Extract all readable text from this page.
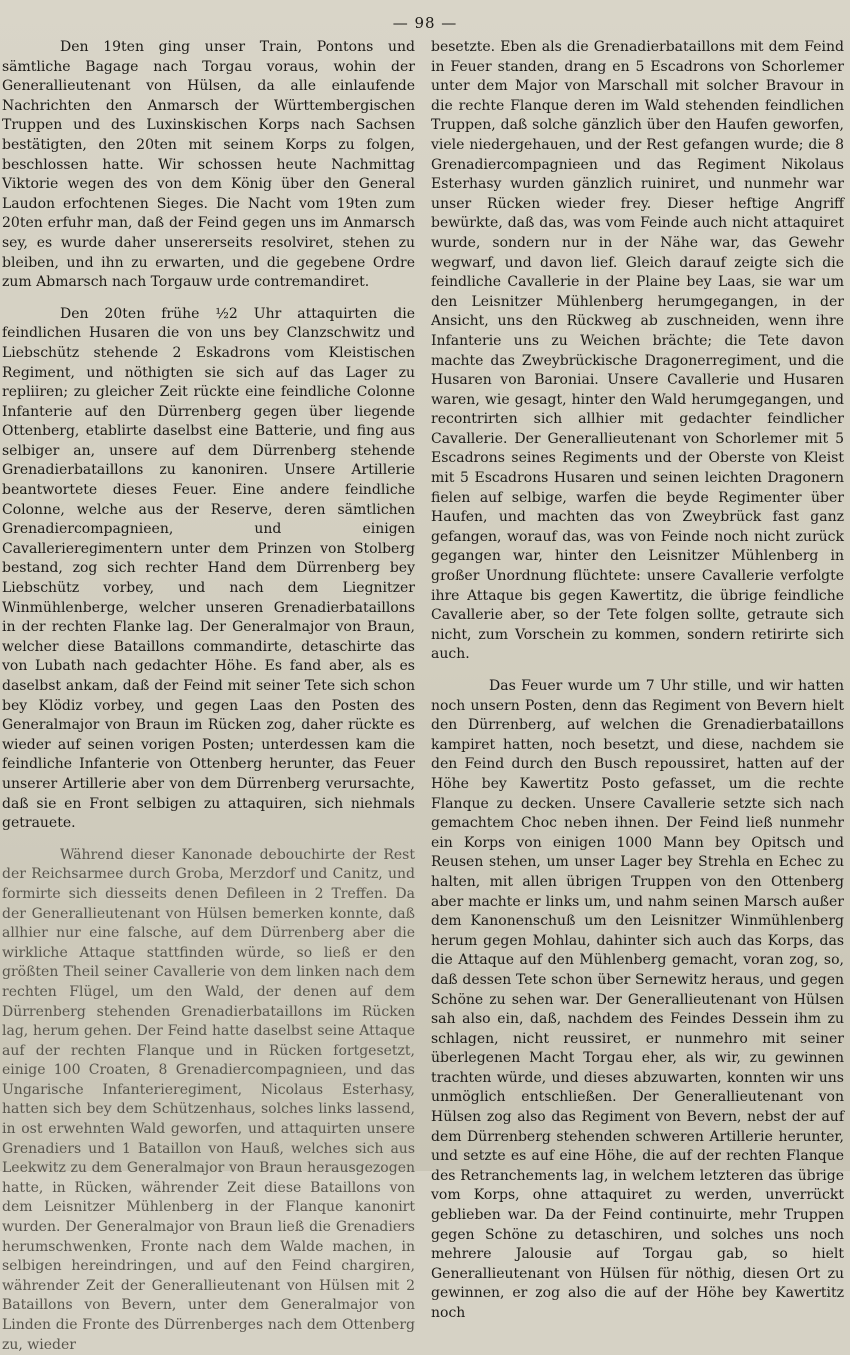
— 98 —

Den 19ten ging unser Train, Pontons und sämtliche Bagage nach Torgau voraus, wohin der Generallieutenant von Hülsen, da alle einlaufende Nachrichten den Anmarsch der Württembergischen Truppen und des Luxinskischen Korps nach Sachsen bestätigten, den 20ten mit seinem Korps zu folgen, beschlossen hatte. Wir schossen heute Nachmittag Viktorie wegen des von dem König über den General Laudon erfochtenen Sieges. Die Nacht vom 19ten zum 20ten erfuhr man, daß der Feind gegen uns im Anmarsch sey, es wurde daher unsererseits resolviret, stehen zu bleiben, und ihn zu erwarten, und die gegebene Ordre zum Abmarsch nach Torgauw urde contremandiret.

Den 20ten frühe ½2 Uhr attaquirten die feindlichen Husaren die von uns bey Clanzschwitz und Liebschütz stehende 2 Eskadrons vom Kleistischen Regiment, und nöthigten sie sich auf das Lager zu repliiren; zu gleicher Zeit rückte eine feindliche Colonne Infanterie auf den Dürrenberg gegen über liegende Ottenberg, etablirte daselbst eine Batterie, und fing aus selbiger an, unsere auf dem Dürrenberg stehende Grenadierbataillons zu kanoniren. Unsere Artillerie beantwortete dieses Feuer. Eine andere feindliche Colonne, welche aus der Reserve, deren sämtlichen Grenadiercompagnieen, und einigen Cavallerieregimentern unter dem Prinzen von Stolberg bestand, zog sich rechter Hand dem Dürrenberg bey Liebschütz vorbey, und nach dem Liegnitzer Winmühlenberge, welcher unseren Grenadierbataillons in der rechten Flanke lag. Der Generalmajor von Braun, welcher diese Bataillons commandirte, detaschirte das von Lubath nach gedachter Höhe. Es fand aber, als es daselbst ankam, daß der Feind mit seiner Tete sich schon bey Klödiz vorbey, und gegen Laas den Posten des Generalmajor von Braun im Rücken zog, daher rückte es wieder auf seinen vorigen Posten; unterdessen kam die feindliche Infanterie von Ottenberg herunter, das Feuer unserer Artillerie aber von dem Dürrenberg verursachte, daß sie en Front selbigen zu attaquiren, sich niehmals getrauete.

Während dieser Kanonade debouchirte der Rest der Reichsarmee durch Groba, Merzdorf und Canitz, und formirte sich diesseits denen Defileen in 2 Treffen. Da der Generallieutenant von Hülsen bemerken konnte, daß allhier nur eine falsche, auf dem Dürrenberg aber die wirkliche Attaque stattfinden würde, so ließ er den größten Theil seiner Cavallerie von dem linken nach dem rechten Flügel, um den Wald, der denen auf dem Dürrenberg stehenden Grenadierbataillons im Rücken lag, herum gehen. Der Feind hatte daselbst seine Attaque auf der rechten Flanque und in Rücken fortgesetzt, einige 100 Croaten, 8 Grenadiercompagnieen, und das Ungarische Infanterieregiment, Nicolaus Esterhasy, hatten sich bey dem Schützenhaus, solches links lassend, in ost erwehnten Wald geworfen, und attaquirten unsere Grenadiers und 1 Bataillon von Hauß, welches sich aus Leekwitz zu dem Generalmajor von Braun herausgezogen hatte, in Rücken, währender Zeit diese Bataillons von dem Leisnitzer Mühlenberg in der Flanque kanonirt wurden. Der Generalmajor von Braun ließ die Grenadiers herumschwenken, Fronte nach dem Walde machen, in selbigen hereindringen, und auf den Feind chargiren, währender Zeit der Generallieutenant von Hülsen mit 2 Bataillons von Bevern, unter dem Generalmajor von Linden die Fronte des Dürrenberges nach dem Ottenberg zu, wieder

besetzte. Eben als die Grenadierbataillons mit dem Feind in Feuer standen, drang en 5 Escadrons von Schorlemer unter dem Major von Marschall mit solcher Bravour in die rechte Flanque deren im Wald stehenden feindlichen Truppen, daß solche gänzlich über den Haufen geworfen, viele niedergehauen, und der Rest gefangen wurde; die 8 Grenadiercompagnieen und das Regiment Nikolaus Esterhasy wurden gänzlich ruiniret, und nunmehr war unser Rücken wieder frey. Dieser heftige Angriff bewürkte, daß das, was vom Feinde auch nicht attaquiret wurde, sondern nur in der Nähe war, das Gewehr wegwarf, und davon lief. Gleich darauf zeigte sich die feindliche Cavallerie in der Plaine bey Laas, sie war um den Leisnitzer Mühlenberg herumgegangen, in der Ansicht, uns den Rückweg ab zuschneiden, wenn ihre Infanterie uns zu Weichen brächte; die Tete davon machte das Zweybrückische Dragonerregiment, und die Husaren von Baroniai. Unsere Cavallerie und Husaren waren, wie gesagt, hinter den Wald herumgegangen, und recontrirten sich allhier mit gedachter feindlicher Cavallerie. Der Generallieutenant von Schorlemer mit 5 Escadrons seines Regiments und der Oberste von Kleist mit 5 Escadrons Husaren und seinen leichten Dragonern fielen auf selbige, warfen die beyde Regimenter über Haufen, und machten das von Zweybrück fast ganz gefangen, worauf das, was von Feinde noch nicht zurück gegangen war, hinter den Leisnitzer Mühlenberg in großer Unordnung flüchtete: unsere Cavallerie verfolgte ihre Attaque bis gegen Kawertitz, die übrige feindliche Cavallerie aber, so der Tete folgen sollte, getraute sich nicht, zum Vorschein zu kommen, sondern retirirte sich auch.

Das Feuer wurde um 7 Uhr stille, und wir hatten noch unsern Posten, denn das Regiment von Bevern hielt den Dürrenberg, auf welchen die Grenadierbataillons kampiret hatten, noch besetzt, und diese, nachdem sie den Feind durch den Busch repoussiret, hatten auf der Höhe bey Kawertitz Posto gefasset, um die rechte Flanque zu decken. Unsere Cavallerie setzte sich nach gemachtem Choc neben ihnen. Der Feind ließ nunmehr ein Korps von einigen 1000 Mann bey Opitsch und Reusen stehen, um unser Lager bey Strehla en Echec zu halten, mit allen übrigen Truppen von den Ottenberg aber machte er links um, und nahm seinen Marsch außer dem Kanonenschuß um den Leisnitzer Winmühlenberg herum gegen Mohlau, dahinter sich auch das Korps, das die Attaque auf den Mühlenberg gemacht, voran zog, so, daß dessen Tete schon über Sernewitz heraus, und gegen Schöne zu sehen war. Der Generallieutenant von Hülsen sah also ein, daß, nachdem des Feindes Dessein ihm zu schlagen, nicht reussiret, er nunmehro mit seiner überlegenen Macht Torgau eher, als wir, zu gewinnen trachten würde, und dieses abzuwarten, konnten wir uns unmöglich entschließen. Der Generallieutenant von Hülsen zog also das Regiment von Bevern, nebst der auf dem Dürrenberg stehenden schweren Artillerie herunter, und setzte es auf eine Höhe, die auf der rechten Flanque des Retranchements lag, in welchem letzteren das übrige vom Korps, ohne attaquiret zu werden, unverrückt geblieben war. Da der Feind continuirte, mehr Truppen gegen Schöne zu detaschiren, und solches uns noch mehrere Jalousie auf Torgau gab, so hielt Generallieutenant von Hülsen für nöthig, diesen Ort zu gewinnen, er zog also die auf der Höhe bey Kawertitz noch
